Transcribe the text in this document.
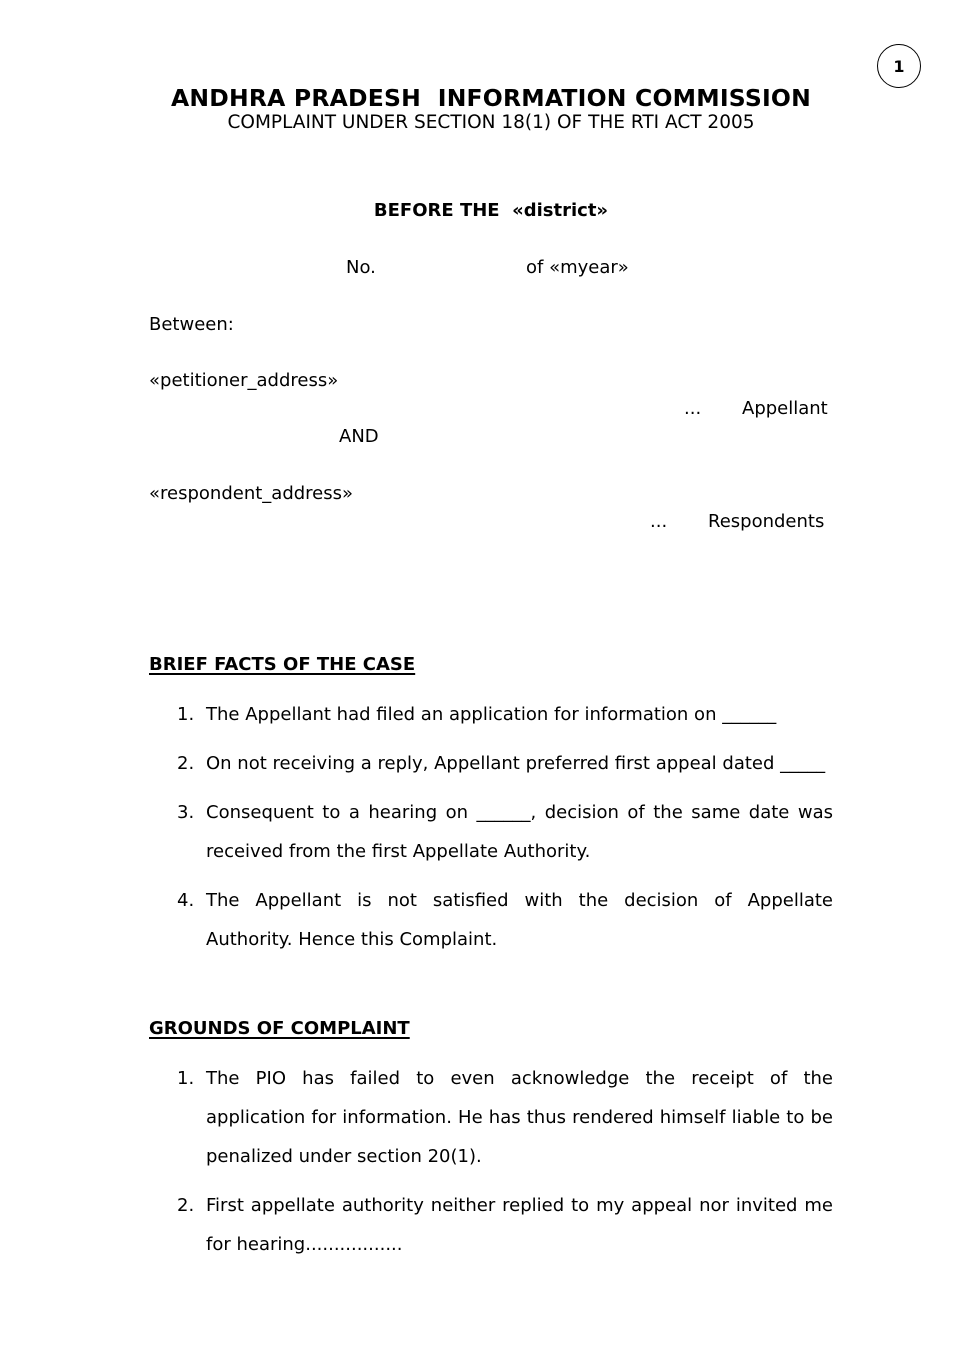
1
ANDHRA PRADESH  INFORMATION COMMISSION
COMPLAINT UNDER SECTION 18(1) OF THE RTI ACT 2005
BEFORE THE  «district»
No.	of «myear»
Between:
«petitioner_address»
... Appellant
AND
«respondent_address»
... Respondents
BRIEF FACTS OF THE CASE
1. The Appellant had filed an application for information on ______
2. On not receiving a reply, Appellant preferred first appeal dated _____
3. Consequent to a hearing on ______, decision of the same date was received from the first Appellate Authority.
4. The Appellant is not satisfied with the decision of Appellate Authority. Hence this Complaint.
GROUNDS OF COMPLAINT
1. The PIO has failed to even acknowledge the receipt of the application for information. He has thus rendered himself liable to be penalized under section 20(1).
2. First appellate authority neither replied to my appeal nor invited me for hearing.................
